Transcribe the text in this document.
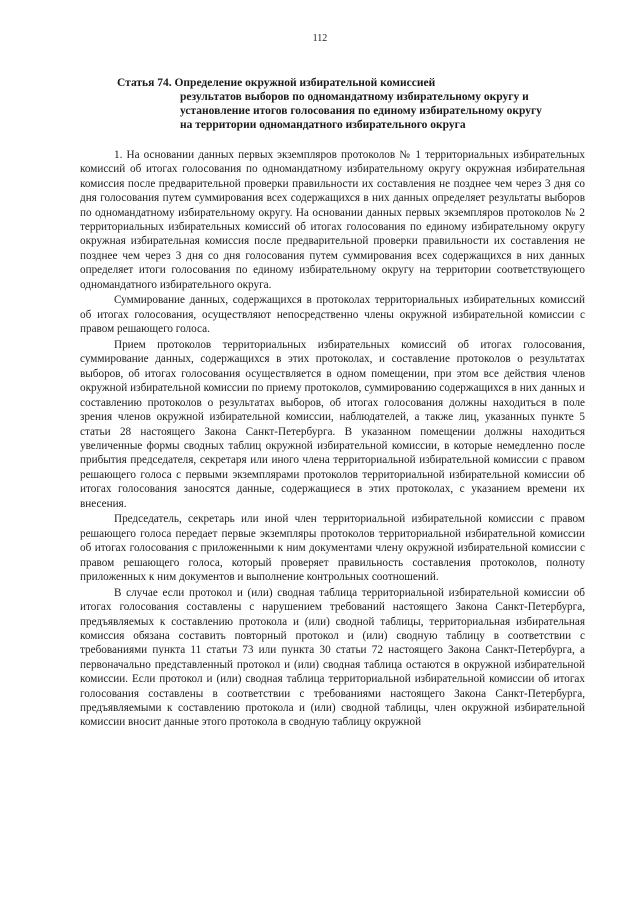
112
Статья 74. Определение окружной избирательной комиссией
результатов выборов по одномандатному избирательному округу и установление итогов голосования по единому избирательному округу на территории одномандатного избирательного округа

1. На основании данных первых экземпляров протоколов № 1 территориальных избирательных комиссий об итогах голосования по одномандатному избирательному округу окружная избирательная комиссия после предварительной проверки правильности их составления не позднее чем через 3 дня со дня голосования путем суммирования всех содержащихся в них данных определяет результаты выборов по одномандатному избирательному округу. На основании данных первых экземпляров протоколов № 2 территориальных избирательных комиссий об итогах голосования по единому избирательному округу окружная избирательная комиссия после предварительной проверки правильности их составления не позднее чем через 3 дня со дня голосования путем суммирования всех содержащихся в них данных определяет итоги голосования по единому избирательному округу на территории соответствующего одномандатного избирательного округа.

Суммирование данных, содержащихся в протоколах территориальных избирательных комиссий об итогах голосования, осуществляют непосредственно члены окружной избирательной комиссии с правом решающего голоса.

Прием протоколов территориальных избирательных комиссий об итогах голосования, суммирование данных, содержащихся в этих протоколах, и составление протоколов о результатах выборов, об итогах голосования осуществляется в одном помещении, при этом все действия членов окружной избирательной комиссии по приему протоколов, суммированию содержащихся в них данных и составлению протоколов о результатах выборов, об итогах голосования должны находиться в поле зрения членов окружной избирательной комиссии, наблюдателей, а также лиц, указанных пункте 5 статьи 28 настоящего Закона Санкт-Петербурга. В указанном помещении должны находиться увеличенные формы сводных таблиц окружной избирательной комиссии, в которые немедленно после прибытия председателя, секретаря или иного члена территориальной избирательной комиссии с правом решающего голоса с первыми экземплярами протоколов территориальной избирательной комиссии об итогах голосования заносятся данные, содержащиеся в этих протоколах, с указанием времени их внесения.

Председатель, секретарь или иной член территориальной избирательной комиссии с правом решающего голоса передает первые экземпляры протоколов территориальной избирательной комиссии об итогах голосования с приложенными к ним документами члену окружной избирательной комиссии с правом решающего голоса, который проверяет правильность составления протоколов, полноту приложенных к ним документов и выполнение контрольных соотношений.

В случае если протокол и (или) сводная таблица территориальной избирательной комиссии об итогах голосования составлены с нарушением требований настоящего Закона Санкт-Петербурга, предъявляемых к составлению протокола и (или) сводной таблицы, территориальная избирательная комиссия обязана составить повторный протокол и (или) сводную таблицу в соответствии с требованиями пункта 11 статьи 73 или пункта 30 статьи 72 настоящего Закона Санкт-Петербурга, а первоначально представленный протокол и (или) сводная таблица остаются в окружной избирательной комиссии. Если протокол и (или) сводная таблица территориальной избирательной комиссии об итогах голосования составлены в соответствии с требованиями настоящего Закона Санкт-Петербурга, предъявляемыми к составлению протокола и (или) сводной таблицы, член окружной избирательной комиссии вносит данные этого протокола в сводную таблицу окружной
